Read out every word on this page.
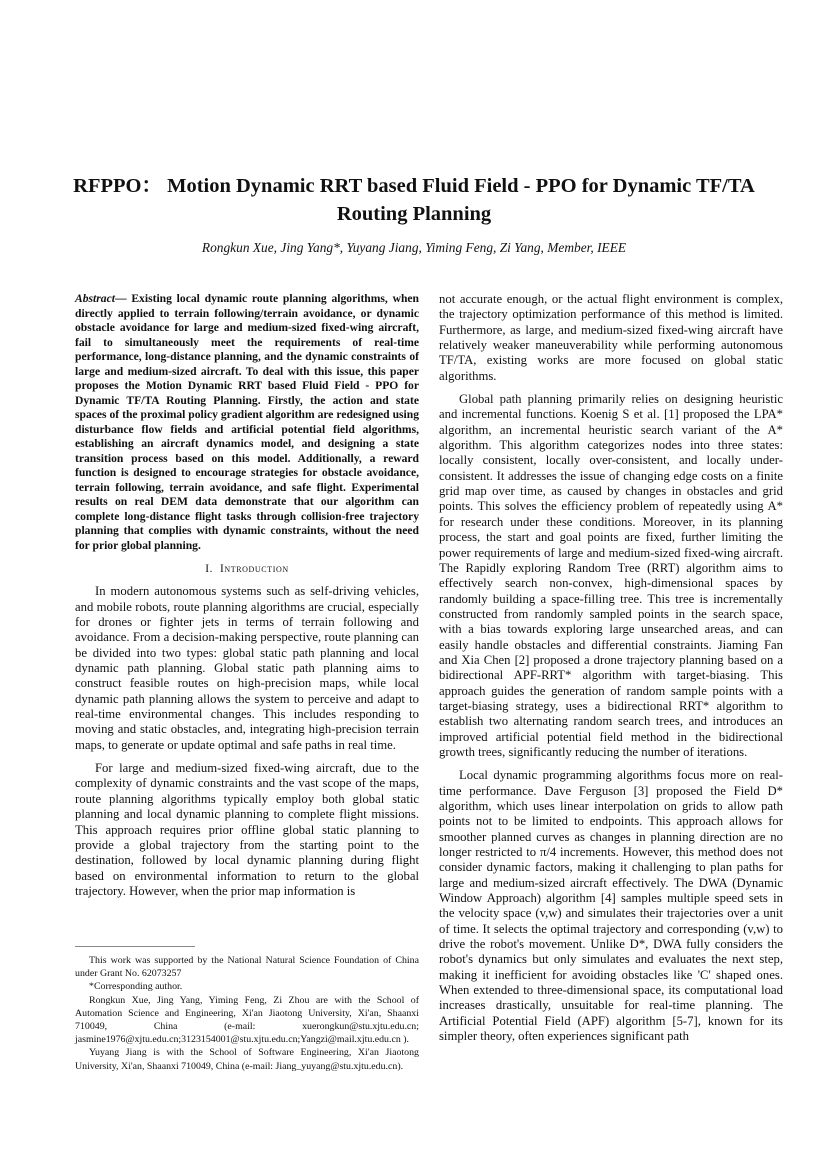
RFPPO： Motion Dynamic RRT based Fluid Field - PPO for Dynamic TF/TA Routing Planning
Rongkun Xue, Jing Yang*, Yuyang Jiang, Yiming Feng, Zi Yang, Member, IEEE

Abstract— Existing local dynamic route planning algorithms, when directly applied to terrain following/terrain avoidance, or dynamic obstacle avoidance for large and medium-sized fixed-wing aircraft, fail to simultaneously meet the requirements of real-time performance, long-distance planning, and the dynamic constraints of large and medium-sized aircraft. To deal with this issue, this paper proposes the Motion Dynamic RRT based Fluid Field - PPO for Dynamic TF/TA Routing Planning. Firstly, the action and state spaces of the proximal policy gradient algorithm are redesigned using disturbance flow fields and artificial potential field algorithms, establishing an aircraft dynamics model, and designing a state transition process based on this model. Additionally, a reward function is designed to encourage strategies for obstacle avoidance, terrain following, terrain avoidance, and safe flight. Experimental results on real DEM data demonstrate that our algorithm can complete long-distance flight tasks through collision-free trajectory planning that complies with dynamic constraints, without the need for prior global planning.

I. Introduction

In modern autonomous systems such as self-driving vehicles, and mobile robots, route planning algorithms are crucial, especially for drones or fighter jets in terms of terrain following and avoidance. From a decision-making perspective, route planning can be divided into two types: global static path planning and local dynamic path planning. Global static path planning aims to construct feasible routes on high-precision maps, while local dynamic path planning allows the system to perceive and adapt to real-time environmental changes. This includes responding to moving and static obstacles, and, integrating high-precision terrain maps, to generate or update optimal and safe paths in real time.

For large and medium-sized fixed-wing aircraft, due to the complexity of dynamic constraints and the vast scope of the maps, route planning algorithms typically employ both global static planning and local dynamic planning to complete flight missions. This approach requires prior offline global static planning to provide a global trajectory from the starting point to the destination, followed by local dynamic planning during flight based on environmental information to return to the global trajectory. However, when the prior map information is

not accurate enough, or the actual flight environment is complex, the trajectory optimization performance of this method is limited. Furthermore, as large, and medium-sized fixed-wing aircraft have relatively weaker maneuverability while performing autonomous TF/TA, existing works are more focused on global static algorithms.

Global path planning primarily relies on designing heuristic and incremental functions. Koenig S et al. [1] proposed the LPA* algorithm, an incremental heuristic search variant of the A* algorithm. This algorithm categorizes nodes into three states: locally consistent, locally over-consistent, and locally under-consistent. It addresses the issue of changing edge costs on a finite grid map over time, as caused by changes in obstacles and grid points. This solves the efficiency problem of repeatedly using A* for research under these conditions. Moreover, in its planning process, the start and goal points are fixed, further limiting the power requirements of large and medium-sized fixed-wing aircraft. The Rapidly exploring Random Tree (RRT) algorithm aims to effectively search non-convex, high-dimensional spaces by randomly building a space-filling tree. This tree is incrementally constructed from randomly sampled points in the search space, with a bias towards exploring large unsearched areas, and can easily handle obstacles and differential constraints. Jiaming Fan and Xia Chen [2] proposed a drone trajectory planning based on a bidirectional APF-RRT* algorithm with target-biasing. This approach guides the generation of random sample points with a target-biasing strategy, uses a bidirectional RRT* algorithm to establish two alternating random search trees, and introduces an improved artificial potential field method in the bidirectional growth trees, significantly reducing the number of iterations.

Local dynamic programming algorithms focus more on real-time performance. Dave Ferguson [3] proposed the Field D* algorithm, which uses linear interpolation on grids to allow path points not to be limited to endpoints. This approach allows for smoother planned curves as changes in planning direction are no longer restricted to π/4 increments. However, this method does not consider dynamic factors, making it challenging to plan paths for large and medium-sized aircraft effectively. The DWA (Dynamic Window Approach) algorithm [4] samples multiple speed sets in the velocity space (v,w) and simulates their trajectories over a unit of time. It selects the optimal trajectory and corresponding (v,w) to drive the robot's movement. Unlike D*, DWA fully considers the robot's dynamics but only simulates and evaluates the next step, making it inefficient for avoiding obstacles like 'C' shaped ones. When extended to three-dimensional space, its computational load increases drastically, unsuitable for real-time planning. The Artificial Potential Field (APF) algorithm [5-7], known for its simpler theory, often experiences significant path

This work was supported by the National Natural Science Foundation of China under Grant No. 62073257

*Corresponding author.

Rongkun Xue, Jing Yang, Yiming Feng, Zi Zhou are with the School of Automation Science and Engineering, Xi'an Jiaotong University, Xi'an, Shaanxi 710049, China (e-mail: xuerongkun@stu.xjtu.edu.cn; jasmine1976@xjtu.edu.cn;3123154001@stu.xjtu.edu.cn;Yangzi@mail.xjtu.edu.cn ).

Yuyang Jiang is with the School of Software Engineering, Xi'an Jiaotong University, Xi'an, Shaanxi 710049, China (e-mail: Jiang_yuyang@stu.xjtu.edu.cn).
